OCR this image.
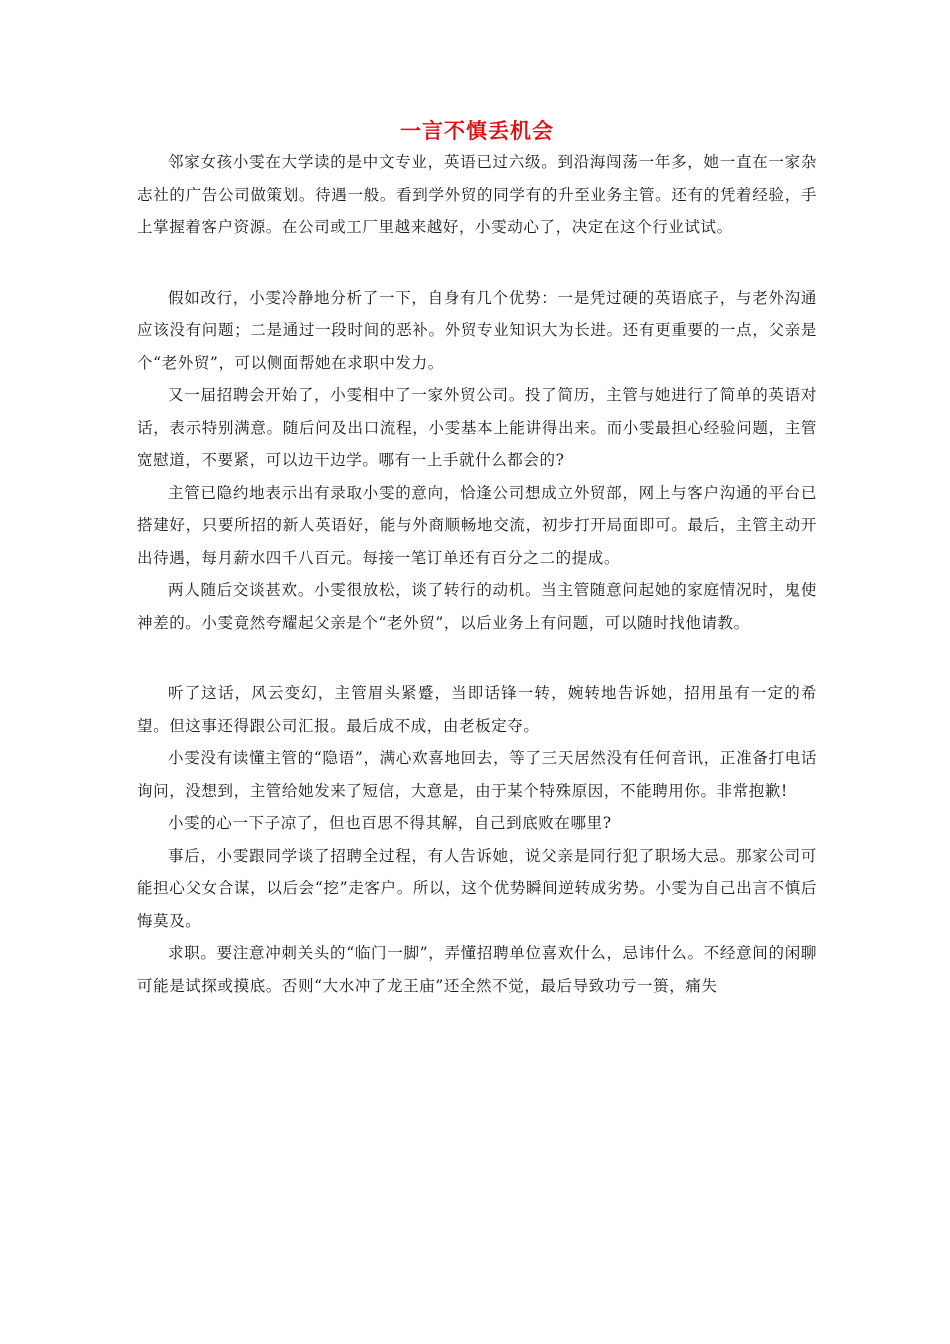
一言不慎丢机会

邻家女孩小雯在大学读的是中文专业，英语已过六级。到沿海闯荡一年多，她一直在一家杂志社的广告公司做策划。待遇一般。看到学外贸的同学有的升至业务主管。还有的凭着经验，手上掌握着客户资源。在公司或工厂里越来越好，小雯动心了，决定在这个行业试试。

假如改行，小雯冷静地分析了一下，自身有几个优势：一是凭过硬的英语底子，与老外沟通应该没有问题；二是通过一段时间的恶补。外贸专业知识大为长进。还有更重要的一点，父亲是个“老外贸”，可以侧面帮她在求职中发力。

又一届招聘会开始了，小雯相中了一家外贸公司。投了简历，主管与她进行了简单的英语对话，表示特别满意。随后问及出口流程，小雯基本上能讲得出来。而小雯最担心经验问题，主管宽慰道，不要紧，可以边干边学。哪有一上手就什么都会的?

主管已隐约地表示出有录取小雯的意向，恰逢公司想成立外贸部，网上与客户沟通的平台已搭建好，只要所招的新人英语好，能与外商顺畅地交流，初步打开局面即可。最后，主管主动开出待遇，每月薪水四千八百元。每接一笔订单还有百分之二的提成。

两人随后交谈甚欢。小雯很放松，谈了转行的动机。当主管随意问起她的家庭情况时，鬼使神差的。小雯竟然夸耀起父亲是个“老外贸”，以后业务上有问题，可以随时找他请教。

听了这话，风云变幻，主管眉头紧蹙，当即话锋一转，婉转地告诉她，招用虽有一定的希望。但这事还得跟公司汇报。最后成不成，由老板定夺。

小雯没有读懂主管的“隐语”，满心欢喜地回去，等了三天居然没有任何音讯，正准备打电话询问，没想到，主管给她发来了短信，大意是，由于某个特殊原因，不能聘用你。非常抱歉!

小雯的心一下子凉了，但也百思不得其解，自己到底败在哪里?

事后，小雯跟同学谈了招聘全过程，有人告诉她，说父亲是同行犯了职场大忌。那家公司可能担心父女合谋，以后会“挖”走客户。所以，这个优势瞬间逆转成劣势。小雯为自己出言不慎后悔莫及。

求职。要注意冲刺关头的“临门一脚”，弄懂招聘单位喜欢什么，忌讳什么。不经意间的闲聊可能是试探或摸底。否则“大水冲了龙王庙”还全然不觉，最后导致功亏一篑，痛失
